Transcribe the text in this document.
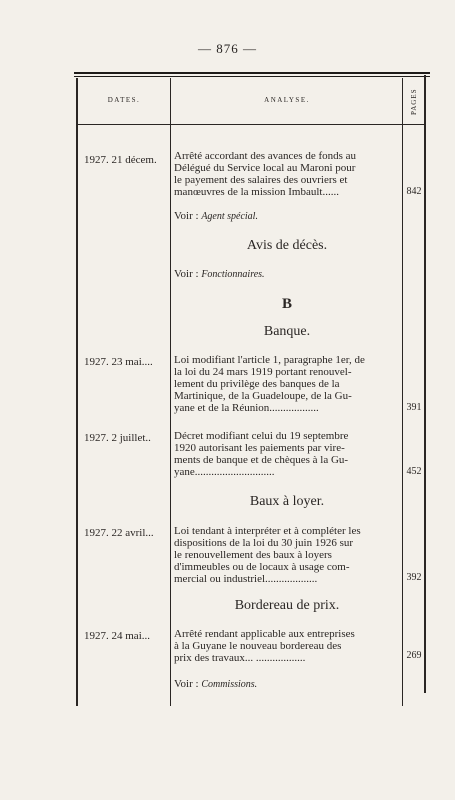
— 876 —
DATES.	ANALYSE.	PAGES
1927. 21 décem. Arrêté accordant des avances de fonds au
Délégué du Service local au Maroni pour
le payement des salaires des ouvriers et
manœuvres de la mission Imbault......	842
Voir : Agent spécial.
Avis de décès.
Voir : Fonctionnaires.
B
Banque.
1927. 23 mai.... Loi modifiant l'article 1, paragraphe 1er, de
la loi du 24 mars 1919 portant renouvel-
lement du privilège des banques de la
Martinique, de la Guadeloupe, de la Gu-
yane et de la Réunion..................	391
1927. 2 juillet.. Décret modifiant celui du 19 septembre
1920 autorisant les paiements par vire-
ments de banque et de chèques à la Gu-
yane.............................	452
Baux à loyer.
1927. 22 avril... Loi tendant à interpréter et à compléter les
dispositions de la loi du 30 juin 1926 sur
le renouvellement des baux à loyers
d'immeubles ou de locaux à usage com-
mercial ou industriel...................	392
Bordereau de prix.
1927. 24 mai... Arrêté rendant applicable aux entreprises
à la Guyane le nouveau bordereau des
prix des travaux... ..................	269
Voir : Commissions.
